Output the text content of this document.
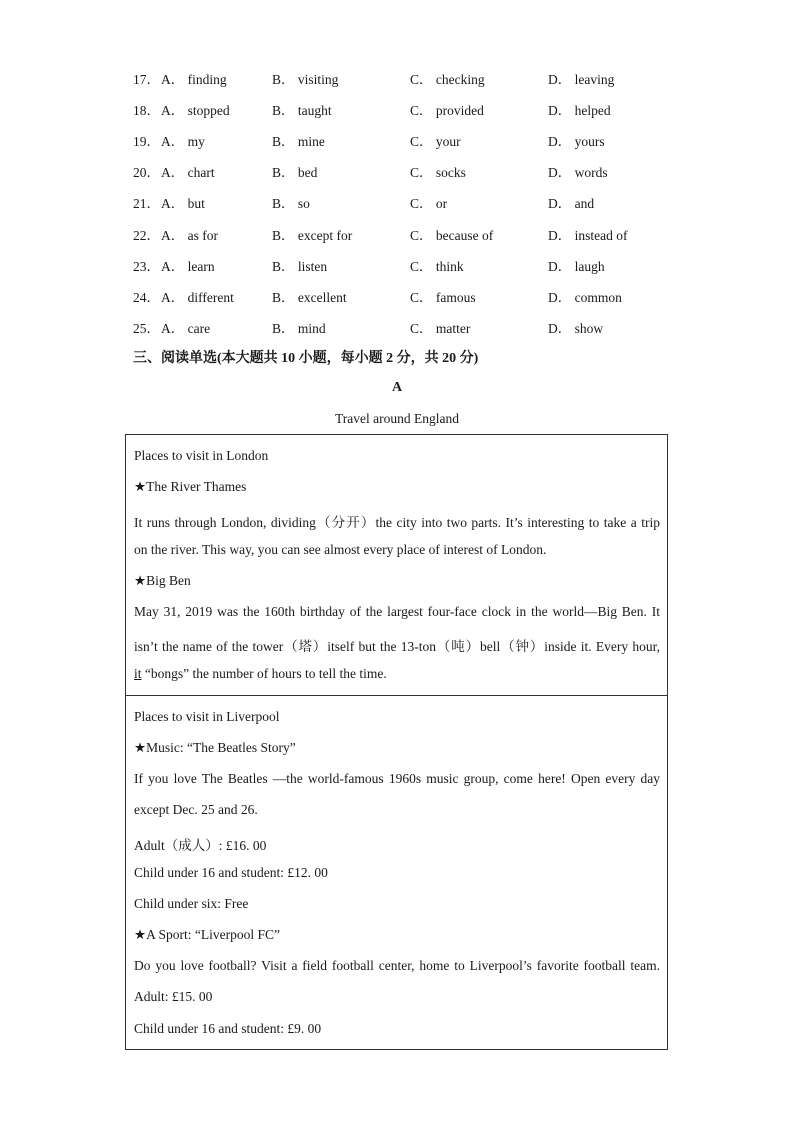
17． A． finding	B． visiting	C． checking	D． leaving
18． A． stopped	B． taught	C． provided	D． helped
19． A． my	B． mine	C． your	D． yours
20． A． chart	B． bed	C． socks	D． words
21． A． but	B． so	C． or	D． and
22． A． as for	B． except for	C． because of	D． instead of
23． A． learn	B． listen	C． think	D． laugh
24． A． different	B． excellent	C． famous	D． common
25． A． care	B． mind	C． matter	D． show
三、阅读单选(本大题共 10 小题，每小题 2 分，共 20 分)
A
Travel around England
Places to visit in London
★The River Thames
It runs through London, dividing（分开）the city into two parts. It’s interesting to take a trip
on the river. This way, you can see almost every place of interest of London.
★Big Ben
May 31, 2019 was the 160th birthday of the largest four-face clock in the world—Big Ben. It
isn’t the name of the tower（塔）itself but the 13-ton（吨）bell（钟）inside it. Every hour,
it “bongs” the number of hours to tell the time.
Places to visit in Liverpool
★Music: “The Beatles Story”
If you love The Beatles —the world-famous 1960s music group, come here! Open every day
except Dec. 25 and 26.
Adult（成人）: £16. 00
Child under 16 and student: £12. 00
Child under six: Free
★A Sport: “Liverpool FC”
Do you love football? Visit a field football center, home to Liverpool’s favorite football team.
Adult: £15. 00
Child under 16 and student: £9. 00
